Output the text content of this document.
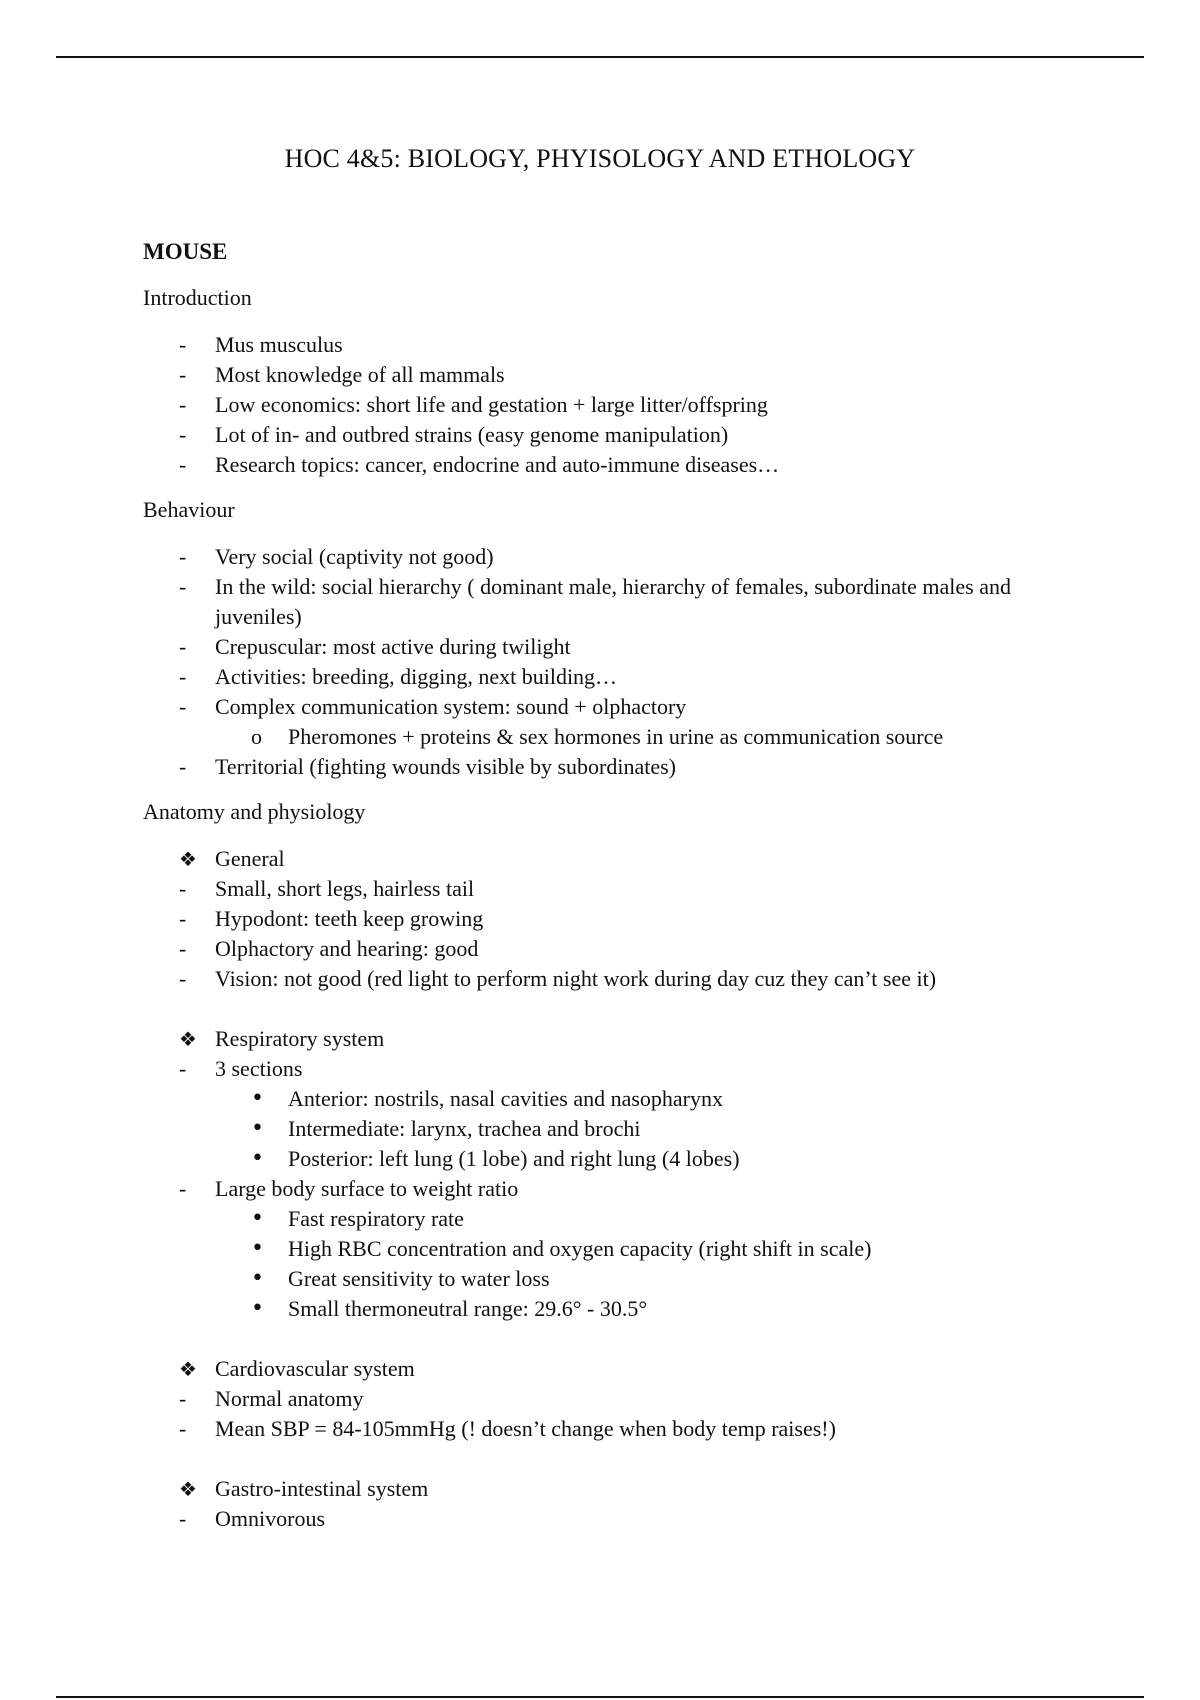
HOC 4&5: BIOLOGY, PHYISOLOGY AND ETHOLOGY
MOUSE
Introduction
-	Mus musculus
-	Most knowledge of all mammals
-	Low economics: short life and gestation + large litter/offspring
-	Lot of in- and outbred strains (easy genome manipulation)
-	Research topics: cancer, endocrine and auto-immune diseases…
Behaviour
-	Very social (captivity not good)
-	In the wild: social hierarchy ( dominant male, hierarchy of females, subordinate males and juveniles)
-	Crepuscular: most active during twilight
-	Activities: breeding, digging, next building…
-	Complex communication system: sound + olphactory
o	Pheromones + proteins & sex hormones in urine as communication source
-	Territorial (fighting wounds visible by subordinates)
Anatomy and physiology
❖ General
-	Small, short legs, hairless tail
-	Hypodont: teeth keep growing
-	Olphactory and hearing: good
-	Vision: not good (red light to perform night work during day cuz they can’t see it)
❖ Respiratory system
-	3 sections
•	Anterior: nostrils, nasal cavities and nasopharynx
•	Intermediate: larynx, trachea and brochi
•	Posterior: left lung (1 lobe) and right lung (4 lobes)
-	Large body surface to weight ratio
•	Fast respiratory rate
•	High RBC concentration and oxygen capacity (right shift in scale)
•	Great sensitivity to water loss
•	Small thermoneutral range: 29.6° - 30.5°
❖ Cardiovascular system
-	Normal anatomy
-	Mean SBP = 84-105mmHg (! doesn’t change when body temp raises!)
❖ Gastro-intestinal system
-	Omnivorous
